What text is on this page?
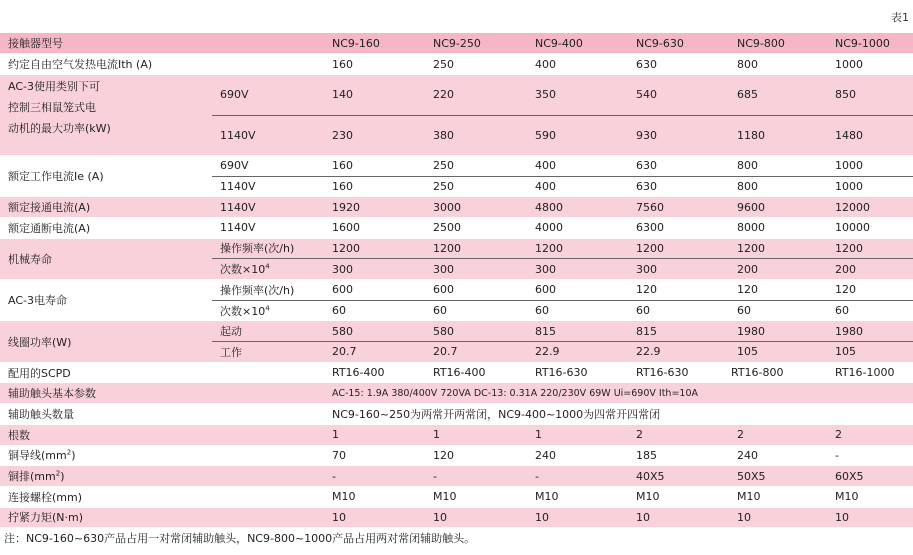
表1
接触器型号		NC9-160	NC9-250	NC9-400	NC9-630	NC9-800	NC9-1000
约定自由空气发热电流Ith (A)		160	250	400	630	800	1000

AC-3使用类别下可
控制三相鼠笼式电
动机的最大功率(kW)	690V	140	220	350	540	685	850
	1140V	230	380	590	930	1180	1480
额定工作电流Ie (A)	690V	160	250	400	630	800	1000
	1140V	160	250	400	630	800	1000
额定接通电流(A)	1140V	1920	3000	4800	7560	9600	12000
额定通断电流(A)	1140V	1600	2500	4000	6300	8000	10000
机械寿命	操作频率(次/h)	1200	1200	1200	1200	1200	1200
	次数$\times 10^4$	300	300	300	300	200	200
AC-3电寿命	操作频率(次/h)	600	600	600	120	120	120
	次数$\times 10^4$	60	60	60	60	60	60
线圈功率(W)	起动	580	580	815	815	1980	1980
	工作	20.7	20.7	22.9	22.9	105	105
配用的SCPD		RT16-400	RT16-400	RT16-630	RT16-630	RT16-800	RT16-1000
辅助触头基本参数		AC-15: 1.9A 380/400V 720VA DC-13: 0.31A 220/230V 69W Ui=690V Ith=10A					
辅助触头数量		NC9-160~250为两常开两常闭，NC9-400~1000为四常开四常闭					
根数		1	1	1	2	2	2
铜导线$(mm^2)$		70	120	240	185	240	-
铜排$(mm^2)$		-	-	-	40X5	50X5	60X5
连接螺栓(mm)		M10	M10	M10	M10	M10	M10
拧紧力矩(N·m)		10	10	10	10	10	10
注：NC9-160~630产品占用一对常闭辅助触头，NC9-800~1000产品占用两对常闭辅助触头。
